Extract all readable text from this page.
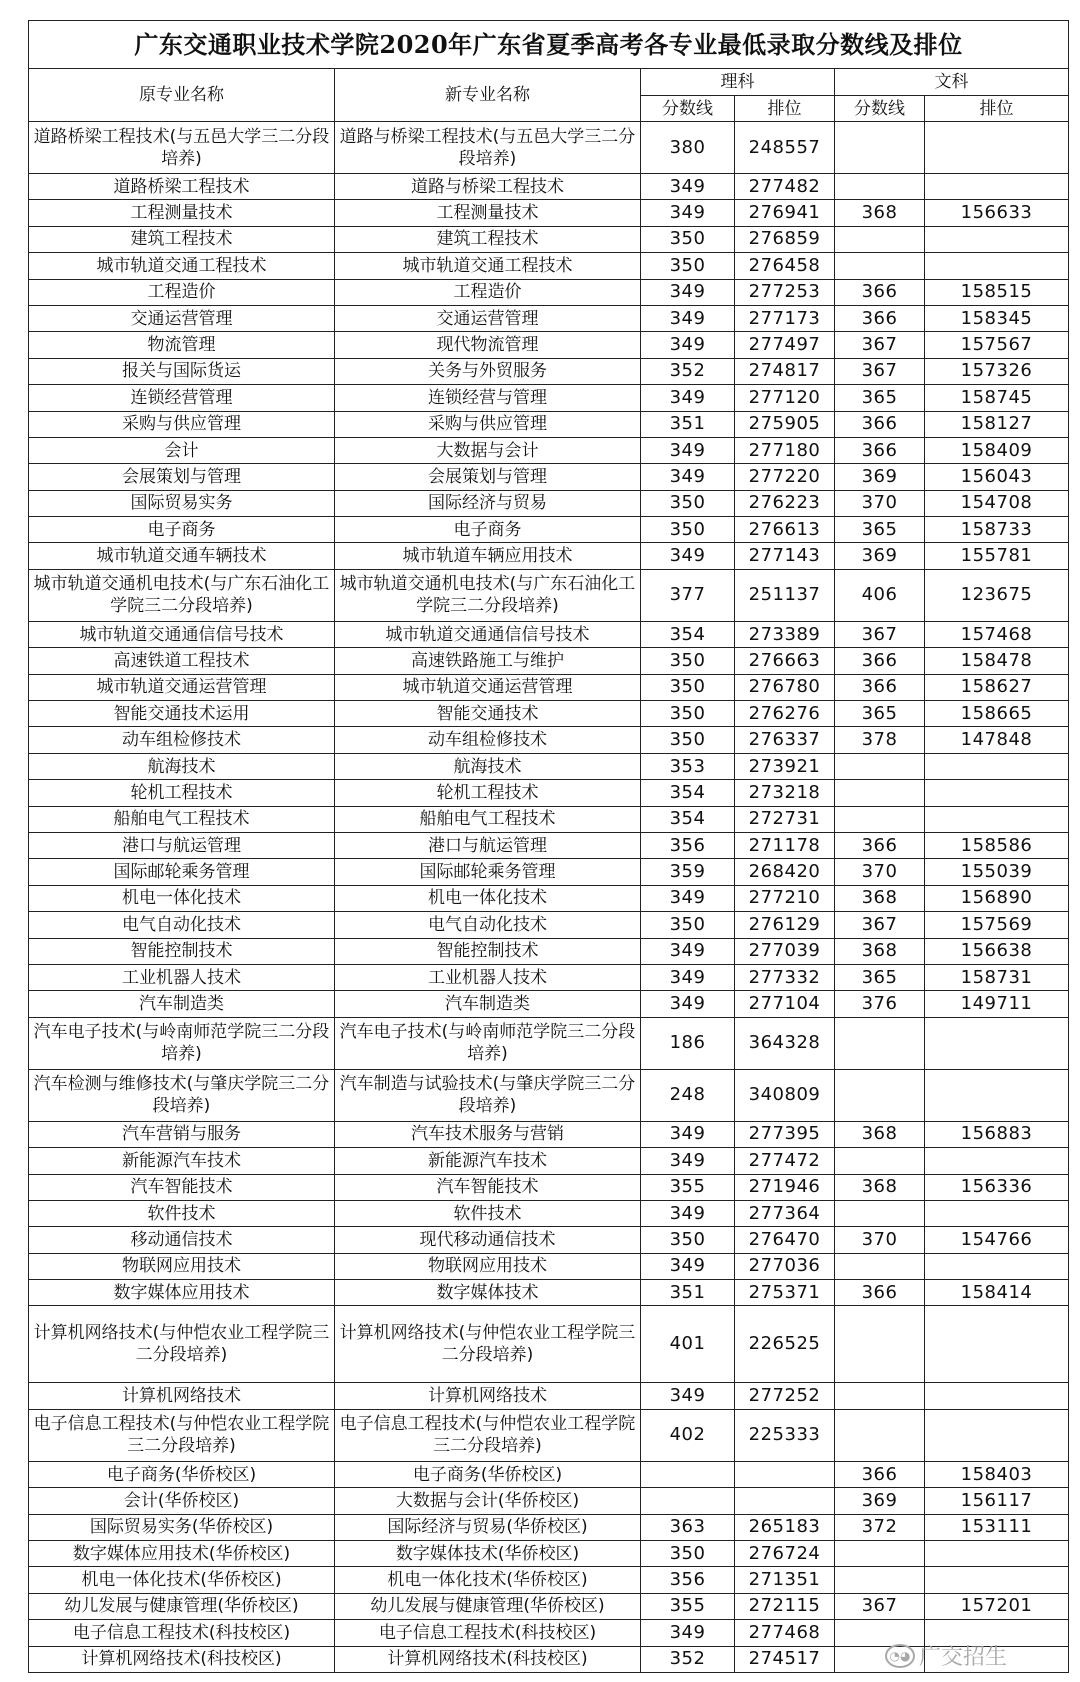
广东交通职业技术学院2020年广东省夏季高考各专业最低录取分数线及排位					
原专业名称	新专业名称	理科		文科	
		分数线	排位	分数线	排位
道路桥梁工程技术(与五邑大学三二分段培养)	道路与桥梁工程技术(与五邑大学三二分段培养)	380	248557		
道路桥梁工程技术	道路与桥梁工程技术	349	277482		
工程测量技术	工程测量技术	349	276941	368	156633
建筑工程技术	建筑工程技术	350	276859		
城市轨道交通工程技术	城市轨道交通工程技术	350	276458		
工程造价	工程造价	349	277253	366	158515
交通运营管理	交通运营管理	349	277173	366	158345
物流管理	现代物流管理	349	277497	367	157567
报关与国际货运	关务与外贸服务	352	274817	367	157326
连锁经营管理	连锁经营与管理	349	277120	365	158745
采购与供应管理	采购与供应管理	351	275905	366	158127
会计	大数据与会计	349	277180	366	158409
会展策划与管理	会展策划与管理	349	277220	369	156043
国际贸易实务	国际经济与贸易	350	276223	370	154708
电子商务	电子商务	350	276613	365	158733
城市轨道交通车辆技术	城市轨道车辆应用技术	349	277143	369	155781
城市轨道交通机电技术(与广东石油化工学院三二分段培养)	城市轨道交通机电技术(与广东石油化工学院三二分段培养)	377	251137	406	123675
城市轨道交通通信信号技术	城市轨道交通通信信号技术	354	273389	367	157468
高速铁道工程技术	高速铁路施工与维护	350	276663	366	158478
城市轨道交通运营管理	城市轨道交通运营管理	350	276780	366	158627
智能交通技术运用	智能交通技术	350	276276	365	158665
动车组检修技术	动车组检修技术	350	276337	378	147848
航海技术	航海技术	353	273921		
轮机工程技术	轮机工程技术	354	273218		
船舶电气工程技术	船舶电气工程技术	354	272731		
港口与航运管理	港口与航运管理	356	271178	366	158586
国际邮轮乘务管理	国际邮轮乘务管理	359	268420	370	155039
机电一体化技术	机电一体化技术	349	277210	368	156890
电气自动化技术	电气自动化技术	350	276129	367	157569
智能控制技术	智能控制技术	349	277039	368	156638
工业机器人技术	工业机器人技术	349	277332	365	158731
汽车制造类	汽车制造类	349	277104	376	149711
汽车电子技术(与岭南师范学院三二分段培养)	汽车电子技术(与岭南师范学院三二分段培养)	186	364328		
汽车检测与维修技术(与肇庆学院三二分段培养)	汽车制造与试验技术(与肇庆学院三二分段培养)	248	340809		
汽车营销与服务	汽车技术服务与营销	349	277395	368	156883
新能源汽车技术	新能源汽车技术	349	277472		
汽车智能技术	汽车智能技术	355	271946	368	156336
软件技术	软件技术	349	277364		
移动通信技术	现代移动通信技术	350	276470	370	154766
物联网应用技术	物联网应用技术	349	277036		
数字媒体应用技术	数字媒体技术	351	275371	366	158414
计算机网络技术(与仲恺农业工程学院三二分段培养)	计算机网络技术(与仲恺农业工程学院三二分段培养)	401	226525		
计算机网络技术	计算机网络技术	349	277252		
电子信息工程技术(与仲恺农业工程学院三二分段培养)	电子信息工程技术(与仲恺农业工程学院三二分段培养)	402	225333		
电子商务(华侨校区)	电子商务(华侨校区)			366	158403
会计(华侨校区)	大数据与会计(华侨校区)			369	156117
国际贸易实务(华侨校区)	国际经济与贸易(华侨校区)	363	265183	372	153111
数字媒体应用技术(华侨校区)	数字媒体技术(华侨校区)	350	276724		
机电一体化技术(华侨校区)	机电一体化技术(华侨校区)	356	271351		
幼儿发展与健康管理(华侨校区)	幼儿发展与健康管理(华侨校区)	355	272115	367	157201
电子信息工程技术(科技校区)	电子信息工程技术(科技校区)	349	277468		
计算机网络技术(科技校区)	计算机网络技术(科技校区)	352	274517			◔◕ 广交招生
